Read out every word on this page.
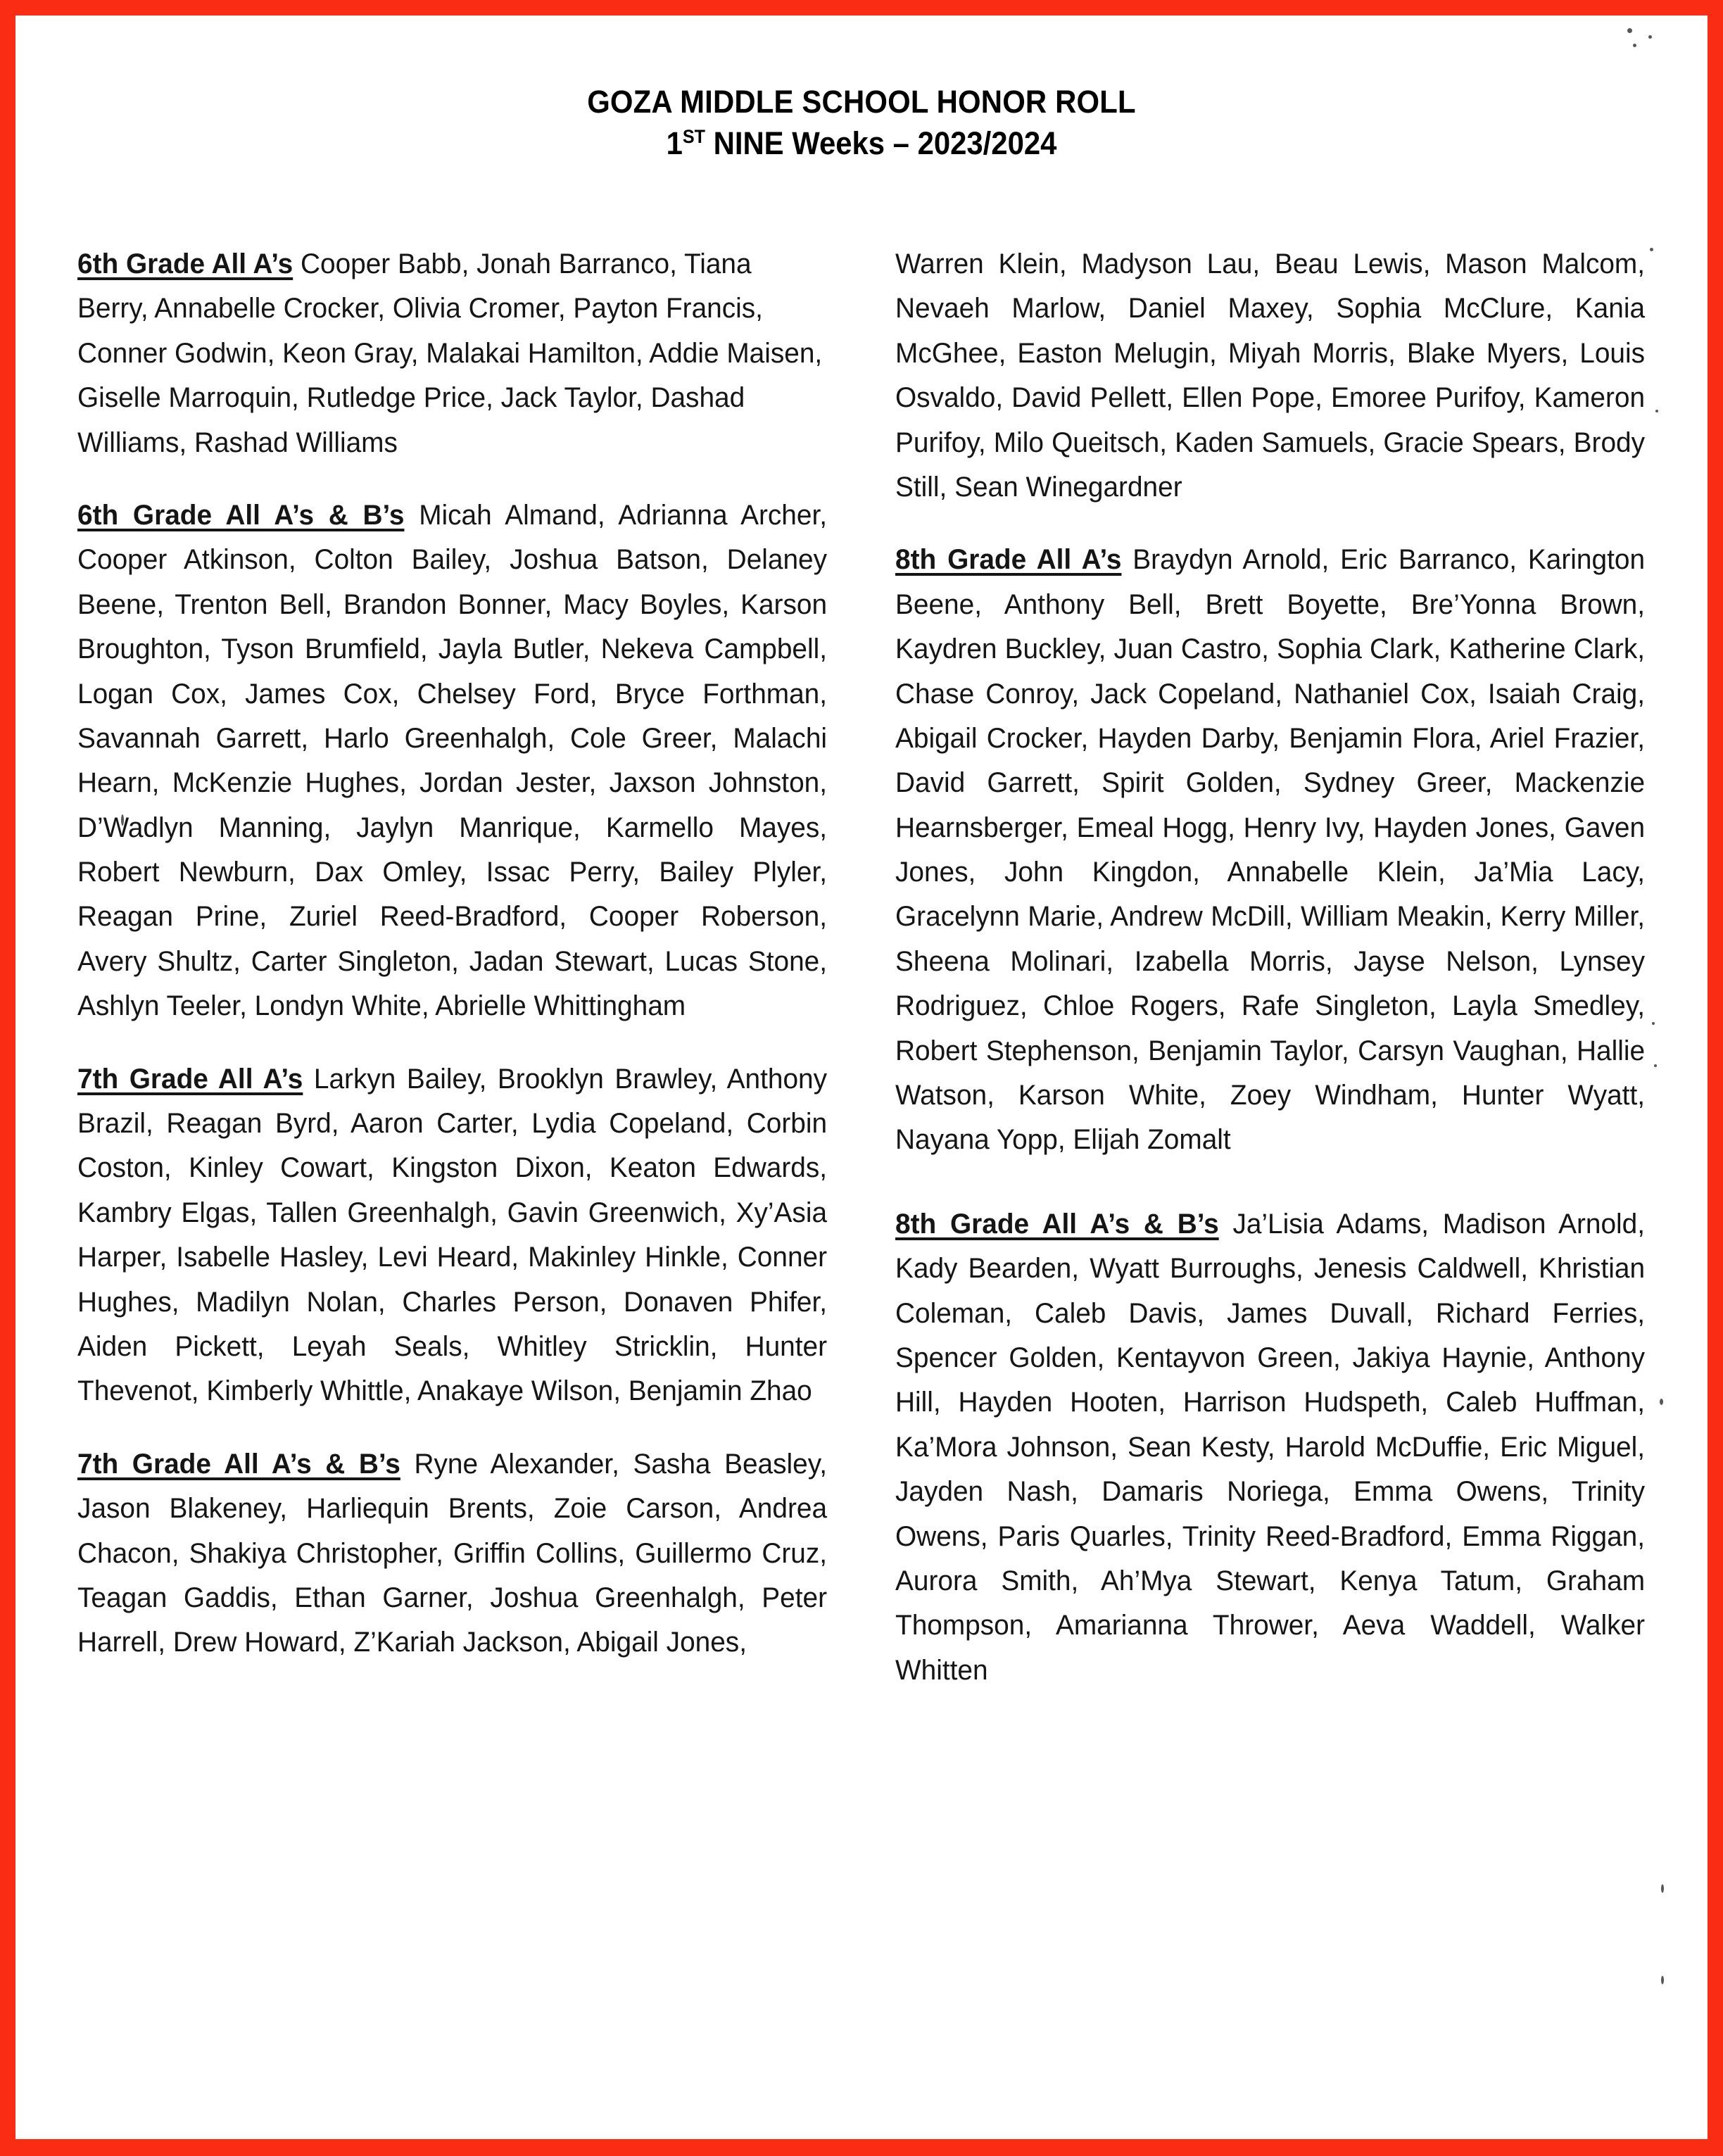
GOZA MIDDLE SCHOOL HONOR ROLL
1ST NINE Weeks – 2023/2024

6th Grade All A’s Cooper Babb, Jonah Barranco, Tiana Berry, Annabelle Crocker, Olivia Cromer, Payton Francis, Conner Godwin, Keon Gray, Malakai Hamilton, Addie Maisen, Giselle Marroquin, Rutledge Price, Jack Taylor, Dashad Williams, Rashad Williams

6th Grade All A’s & B’s Micah Almand, Adrianna Archer, Cooper Atkinson, Colton Bailey, Joshua Batson, Delaney Beene, Trenton Bell, Brandon Bonner, Macy Boyles, Karson Broughton, Tyson Brumfield, Jayla Butler, Nekeva Campbell, Logan Cox, James Cox, Chelsey Ford, Bryce Forthman, Savannah Garrett, Harlo Greenhalgh, Cole Greer, Malachi Hearn, McKenzie Hughes, Jordan Jester, Jaxson Johnston, D’Wadlyn Manning, Jaylyn Manrique, Karmello Mayes, Robert Newburn, Dax Omley, Issac Perry, Bailey Plyler, Reagan Prine, Zuriel Reed-Bradford, Cooper Roberson, Avery Shultz, Carter Singleton, Jadan Stewart, Lucas Stone, Ashlyn Teeler, Londyn White, Abrielle Whittingham

7th Grade All A’s Larkyn Bailey, Brooklyn Brawley, Anthony Brazil, Reagan Byrd, Aaron Carter, Lydia Copeland, Corbin Coston, Kinley Cowart, Kingston Dixon, Keaton Edwards, Kambry Elgas, Tallen Greenhalgh, Gavin Greenwich, Xy’Asia Harper, Isabelle Hasley, Levi Heard, Makinley Hinkle, Conner Hughes, Madilyn Nolan, Charles Person, Donaven Phifer, Aiden Pickett, Leyah Seals, Whitley Stricklin, Hunter Thevenot, Kimberly Whittle, Anakaye Wilson, Benjamin Zhao

7th Grade All A’s & B’s Ryne Alexander, Sasha Beasley, Jason Blakeney, Harliequin Brents, Zoie Carson, Andrea Chacon, Shakiya Christopher, Griffin Collins, Guillermo Cruz, Teagan Gaddis, Ethan Garner, Joshua Greenhalgh, Peter Harrell, Drew Howard, Z’Kariah Jackson, Abigail Jones,

Warren Klein, Madyson Lau, Beau Lewis, Mason Malcom, Nevaeh Marlow, Daniel Maxey, Sophia McClure, Kania McGhee, Easton Melugin, Miyah Morris, Blake Myers, Louis Osvaldo, David Pellett, Ellen Pope, Emoree Purifoy, Kameron Purifoy, Milo Queitsch, Kaden Samuels, Gracie Spears, Brody Still, Sean Winegardner

8th Grade All A’s Braydyn Arnold, Eric Barranco, Karington Beene, Anthony Bell, Brett Boyette, Bre’Yonna Brown, Kaydren Buckley, Juan Castro, Sophia Clark, Katherine Clark, Chase Conroy, Jack Copeland, Nathaniel Cox, Isaiah Craig, Abigail Crocker, Hayden Darby, Benjamin Flora, Ariel Frazier, David Garrett, Spirit Golden, Sydney Greer, Mackenzie Hearnsberger, Emeal Hogg, Henry Ivy, Hayden Jones, Gaven Jones, John Kingdon, Annabelle Klein, Ja’Mia Lacy, Gracelynn Marie, Andrew McDill, William Meakin, Kerry Miller, Sheena Molinari, Izabella Morris, Jayse Nelson, Lynsey Rodriguez, Chloe Rogers, Rafe Singleton, Layla Smedley, Robert Stephenson, Benjamin Taylor, Carsyn Vaughan, Hallie Watson, Karson White, Zoey Windham, Hunter Wyatt, Nayana Yopp, Elijah Zomalt

8th Grade All A’s & B’s Ja’Lisia Adams, Madison Arnold, Kady Bearden, Wyatt Burroughs, Jenesis Caldwell, Khristian Coleman, Caleb Davis, James Duvall, Richard Ferries, Spencer Golden, Kentayvon Green, Jakiya Haynie, Anthony Hill, Hayden Hooten, Harrison Hudspeth, Caleb Huffman, Ka’Mora Johnson, Sean Kesty, Harold McDuffie, Eric Miguel, Jayden Nash, Damaris Noriega, Emma Owens, Trinity Owens, Paris Quarles, Trinity Reed-Bradford, Emma Riggan, Aurora Smith, Ah’Mya Stewart, Kenya Tatum, Graham Thompson, Amarianna Thrower, Aeva Waddell, Walker Whitten
